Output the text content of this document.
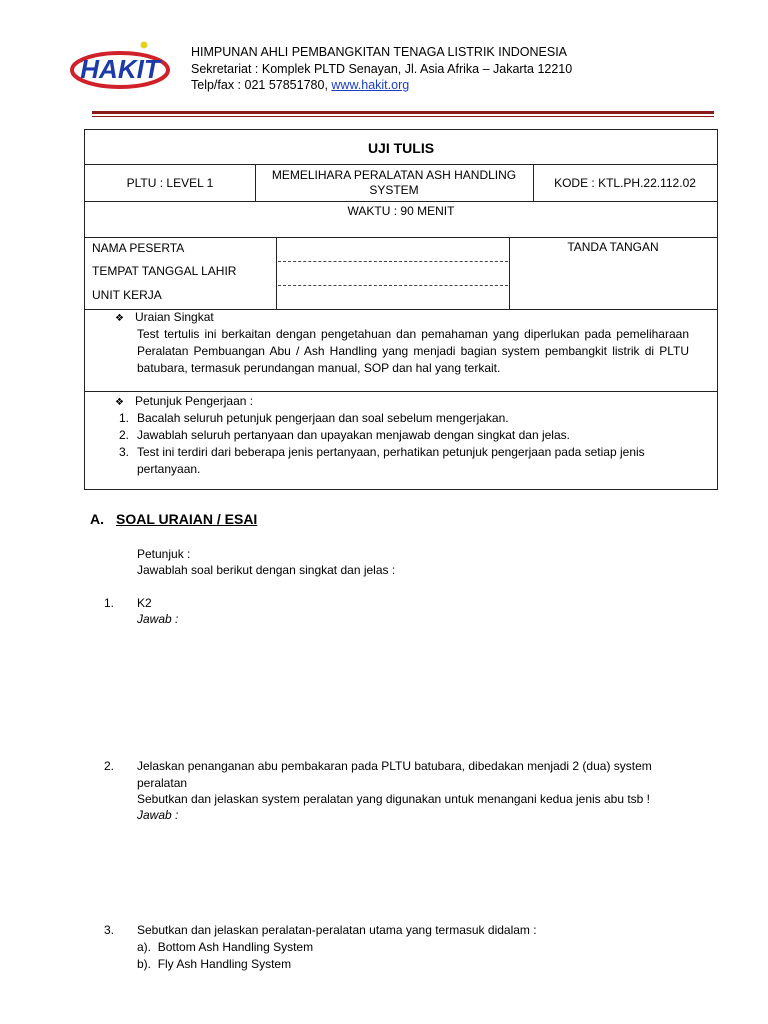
HAKIT
HIMPUNAN AHLI PEMBANGKITAN TENAGA LISTRIK INDONESIA
Sekretariat : Komplek PLTD Senayan, Jl. Asia Afrika – Jakarta 12210
Telp/fax : 021 57851780, www.hakit.org
UJI TULIS
PLTU : LEVEL 1
MEMELIHARA PERALATAN ASH HANDLING SYSTEM	KODE : KTL.PH.22.112.02
WAKTU : 90 MENIT
NAMA PESERTA
TEMPAT TANGGAL LAHIR
UNIT KERJA
TANDA TANGAN
❖ Uraian Singkat
Test tertulis ini berkaitan dengan pengetahuan dan pemahaman yang diperlukan pada pemeliharaan Peralatan Pembuangan Abu / Ash Handling yang menjadi bagian system pembangkit listrik di PLTU batubara, termasuk perundangan manual, SOP dan hal yang terkait.
❖ Petunjuk Pengerjaan :
1. Bacalah seluruh petunjuk pengerjaan dan soal sebelum mengerjakan.
2. Jawablah seluruh pertanyaan dan upayakan menjawab dengan singkat dan jelas.
3. Test ini terdiri dari beberapa jenis pertanyaan, perhatikan petunjuk pengerjaan pada setiap jenis pertanyaan.
A. SOAL URAIAN / ESAI
Petunjuk :
Jawablah soal berikut dengan singkat dan jelas :
1. K2
Jawab :
2. Jelaskan penanganan abu pembakaran pada PLTU batubara, dibedakan menjadi 2 (dua) system peralatan
Sebutkan dan jelaskan system peralatan yang digunakan untuk menangani kedua jenis abu tsb !
Jawab :
3. Sebutkan dan jelaskan peralatan-peralatan utama yang termasuk didalam :
a). Bottom Ash Handling System
b). Fly Ash Handling System
